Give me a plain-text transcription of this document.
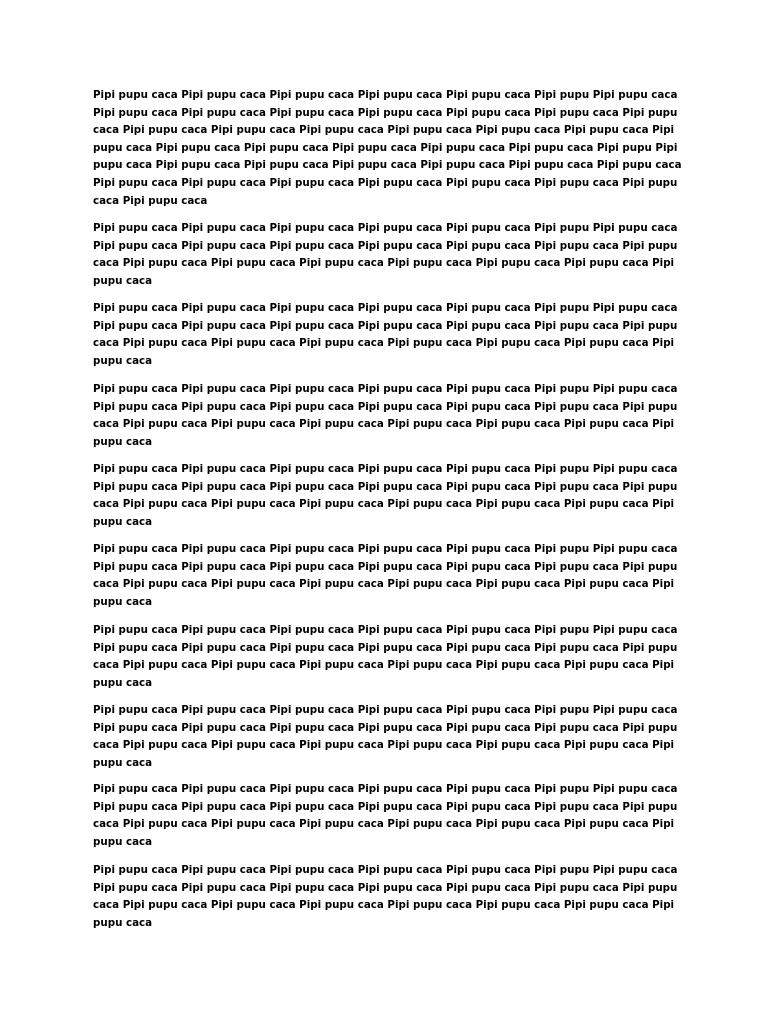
Pipi pupu caca Pipi pupu caca Pipi pupu caca Pipi pupu caca Pipi pupu caca Pipi pupu Pipi pupu caca
Pipi pupu caca Pipi pupu caca Pipi pupu caca Pipi pupu caca Pipi pupu caca Pipi pupu caca Pipi pupu
caca Pipi pupu caca Pipi pupu caca Pipi pupu caca Pipi pupu caca Pipi pupu caca Pipi pupu caca Pipi
pupu caca Pipi pupu caca Pipi pupu caca Pipi pupu caca Pipi pupu caca Pipi pupu caca Pipi pupu Pipi
pupu caca Pipi pupu caca Pipi pupu caca Pipi pupu caca Pipi pupu caca Pipi pupu caca Pipi pupu caca
Pipi pupu caca Pipi pupu caca Pipi pupu caca Pipi pupu caca Pipi pupu caca Pipi pupu caca Pipi pupu
caca Pipi pupu caca

Pipi pupu caca Pipi pupu caca Pipi pupu caca Pipi pupu caca Pipi pupu caca Pipi pupu Pipi pupu caca
Pipi pupu caca Pipi pupu caca Pipi pupu caca Pipi pupu caca Pipi pupu caca Pipi pupu caca Pipi pupu
caca Pipi pupu caca Pipi pupu caca Pipi pupu caca Pipi pupu caca Pipi pupu caca Pipi pupu caca Pipi
pupu caca

Pipi pupu caca Pipi pupu caca Pipi pupu caca Pipi pupu caca Pipi pupu caca Pipi pupu Pipi pupu caca
Pipi pupu caca Pipi pupu caca Pipi pupu caca Pipi pupu caca Pipi pupu caca Pipi pupu caca Pipi pupu
caca Pipi pupu caca Pipi pupu caca Pipi pupu caca Pipi pupu caca Pipi pupu caca Pipi pupu caca Pipi
pupu caca

Pipi pupu caca Pipi pupu caca Pipi pupu caca Pipi pupu caca Pipi pupu caca Pipi pupu Pipi pupu caca
Pipi pupu caca Pipi pupu caca Pipi pupu caca Pipi pupu caca Pipi pupu caca Pipi pupu caca Pipi pupu
caca Pipi pupu caca Pipi pupu caca Pipi pupu caca Pipi pupu caca Pipi pupu caca Pipi pupu caca Pipi
pupu caca

Pipi pupu caca Pipi pupu caca Pipi pupu caca Pipi pupu caca Pipi pupu caca Pipi pupu Pipi pupu caca
Pipi pupu caca Pipi pupu caca Pipi pupu caca Pipi pupu caca Pipi pupu caca Pipi pupu caca Pipi pupu
caca Pipi pupu caca Pipi pupu caca Pipi pupu caca Pipi pupu caca Pipi pupu caca Pipi pupu caca Pipi
pupu caca

Pipi pupu caca Pipi pupu caca Pipi pupu caca Pipi pupu caca Pipi pupu caca Pipi pupu Pipi pupu caca
Pipi pupu caca Pipi pupu caca Pipi pupu caca Pipi pupu caca Pipi pupu caca Pipi pupu caca Pipi pupu
caca Pipi pupu caca Pipi pupu caca Pipi pupu caca Pipi pupu caca Pipi pupu caca Pipi pupu caca Pipi
pupu caca

Pipi pupu caca Pipi pupu caca Pipi pupu caca Pipi pupu caca Pipi pupu caca Pipi pupu Pipi pupu caca
Pipi pupu caca Pipi pupu caca Pipi pupu caca Pipi pupu caca Pipi pupu caca Pipi pupu caca Pipi pupu
caca Pipi pupu caca Pipi pupu caca Pipi pupu caca Pipi pupu caca Pipi pupu caca Pipi pupu caca Pipi
pupu caca

Pipi pupu caca Pipi pupu caca Pipi pupu caca Pipi pupu caca Pipi pupu caca Pipi pupu Pipi pupu caca
Pipi pupu caca Pipi pupu caca Pipi pupu caca Pipi pupu caca Pipi pupu caca Pipi pupu caca Pipi pupu
caca Pipi pupu caca Pipi pupu caca Pipi pupu caca Pipi pupu caca Pipi pupu caca Pipi pupu caca Pipi
pupu caca

Pipi pupu caca Pipi pupu caca Pipi pupu caca Pipi pupu caca Pipi pupu caca Pipi pupu Pipi pupu caca
Pipi pupu caca Pipi pupu caca Pipi pupu caca Pipi pupu caca Pipi pupu caca Pipi pupu caca Pipi pupu
caca Pipi pupu caca Pipi pupu caca Pipi pupu caca Pipi pupu caca Pipi pupu caca Pipi pupu caca Pipi
pupu caca

Pipi pupu caca Pipi pupu caca Pipi pupu caca Pipi pupu caca Pipi pupu caca Pipi pupu Pipi pupu caca
Pipi pupu caca Pipi pupu caca Pipi pupu caca Pipi pupu caca Pipi pupu caca Pipi pupu caca Pipi pupu
caca Pipi pupu caca Pipi pupu caca Pipi pupu caca Pipi pupu caca Pipi pupu caca Pipi pupu caca Pipi
pupu caca
